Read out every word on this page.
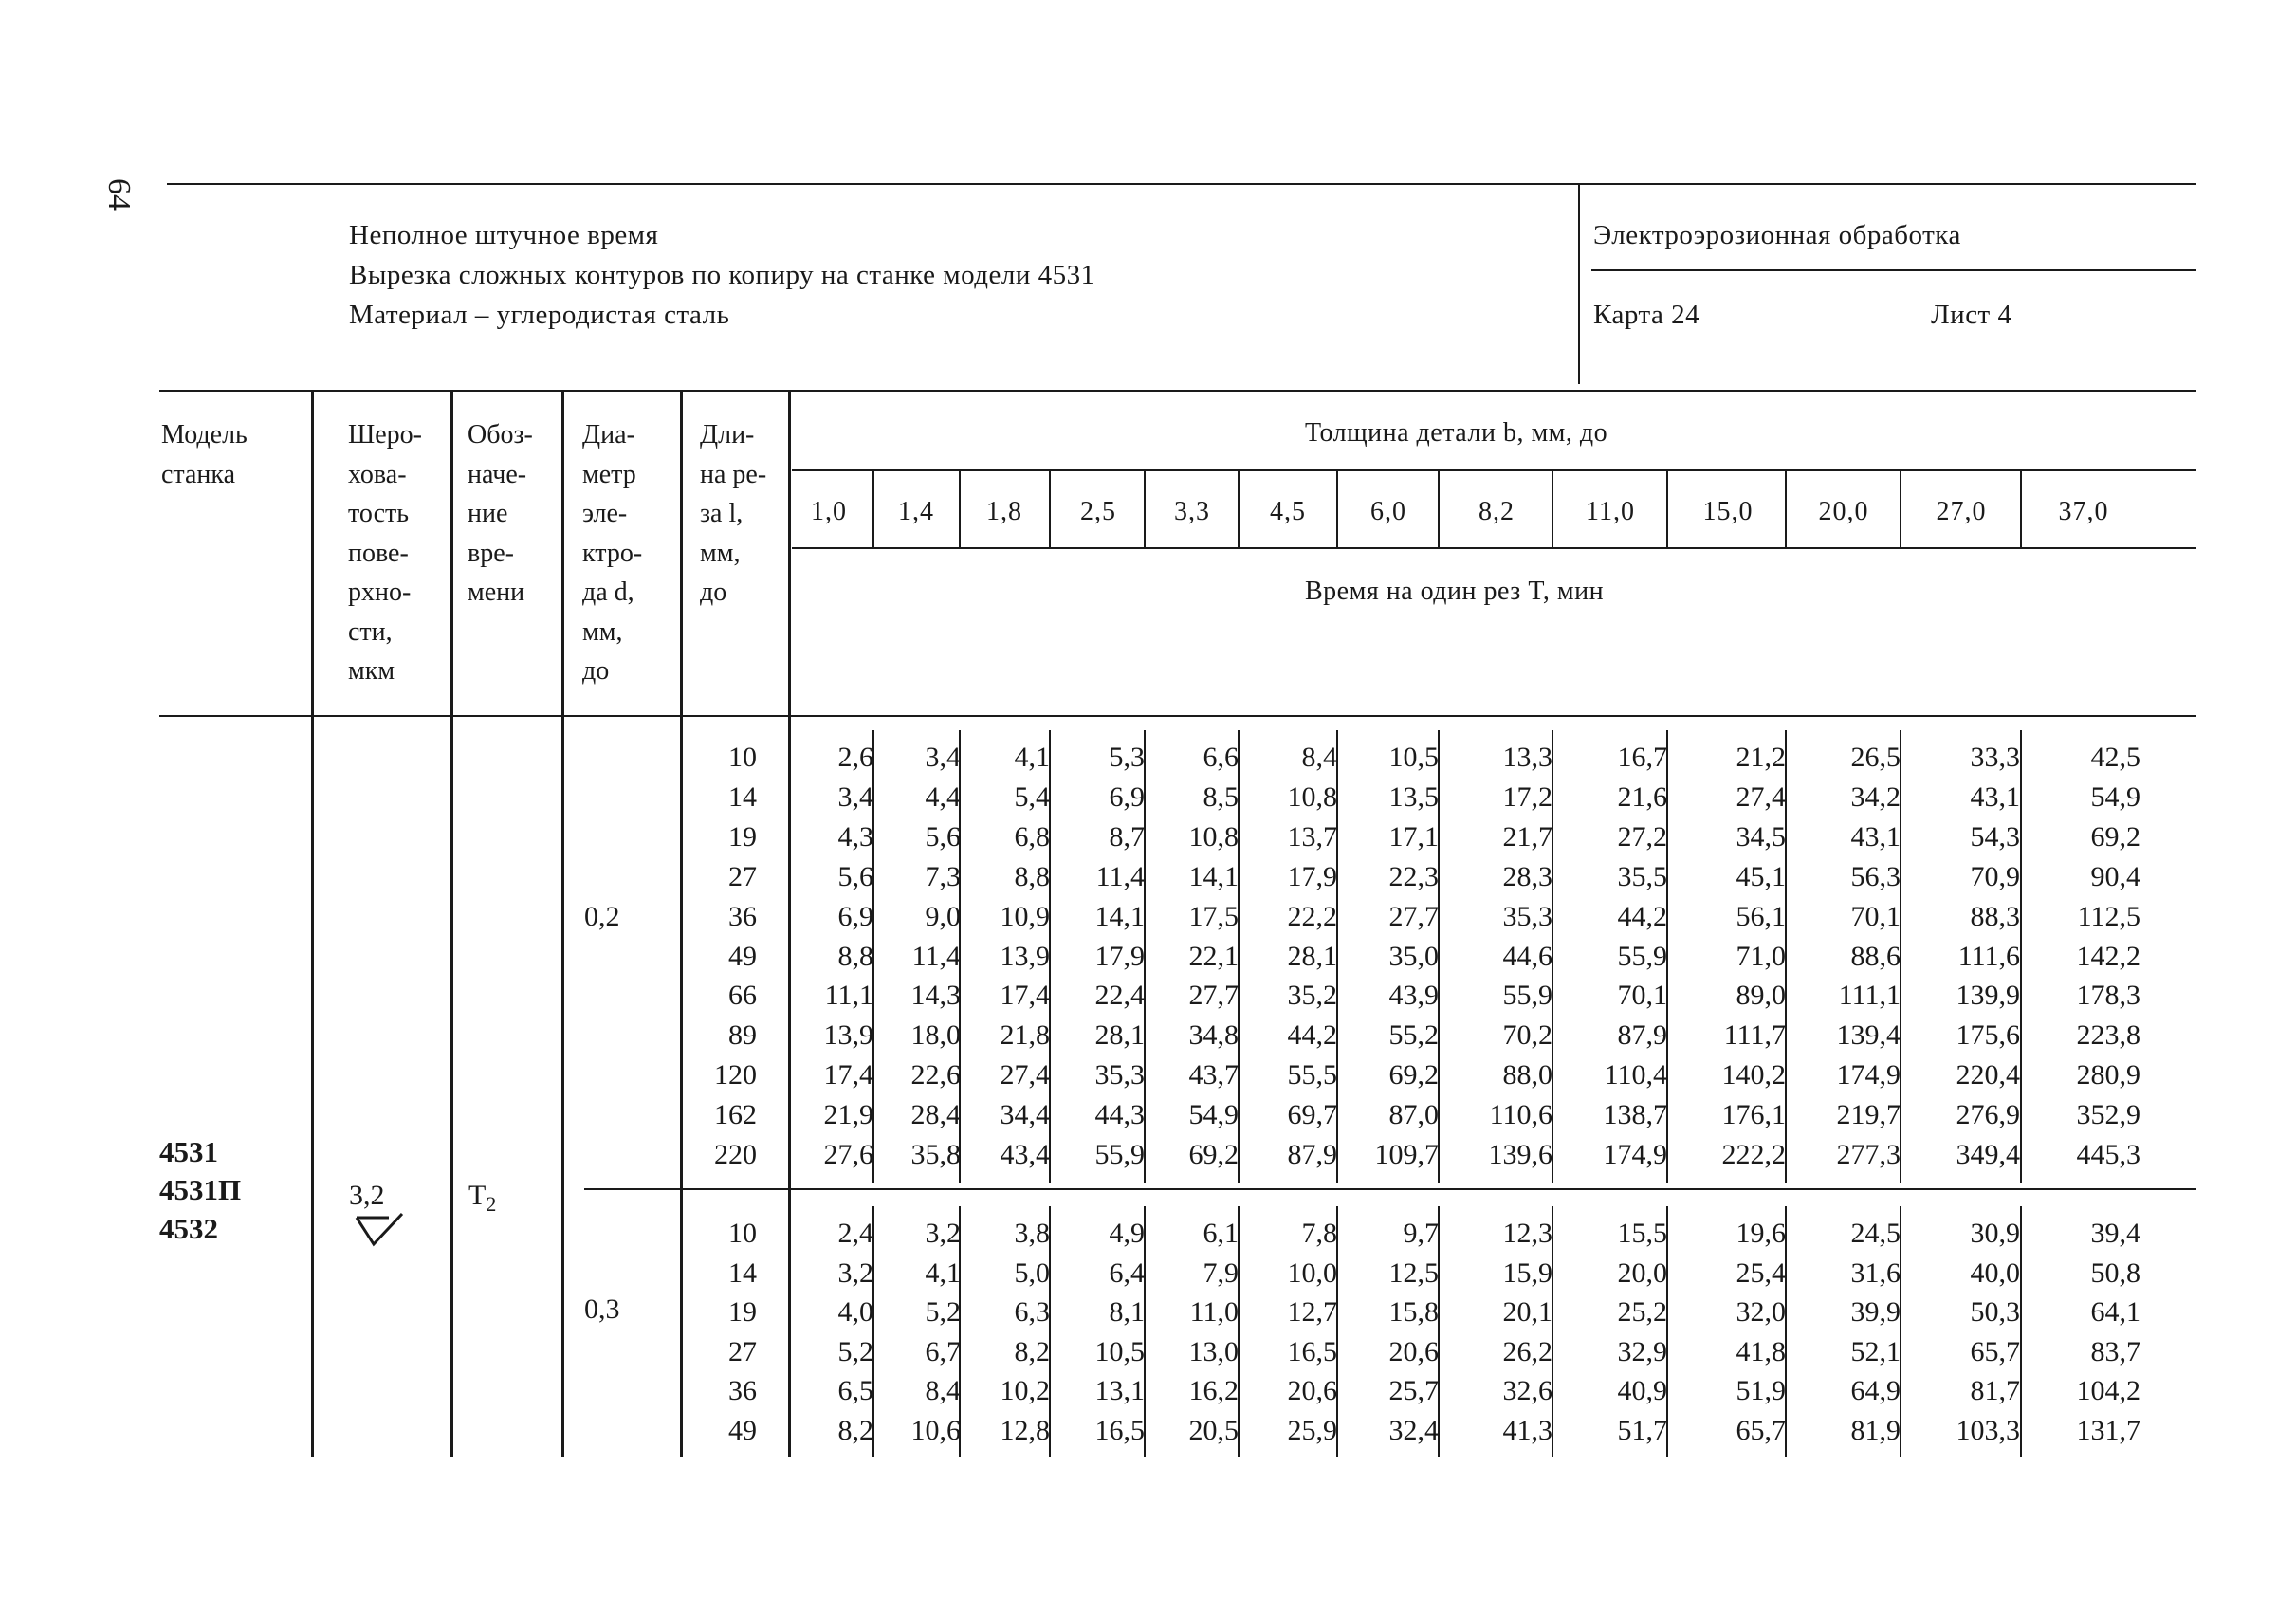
64
Неполное штучное время
Вырезка сложных контуров по копиру на станке модели 4531
Материал – углеродистая сталь
Электроэрозионная обработка
Карта 24	Лист 4
Модель
станка
Шеро-
хова-
тость
пове-
рхно-
сти,
мкм
Обоз-
наче-
ние
вре-
мени
Диа-
метр
эле-
ктро-
да d,
мм,
до
Дли-
на ре-
за l,
мм,
до
Толщина детали b, мм, до
Время на один рез T, мин
1,0	1,4	1,8	2,5	3,3	4,5	6,0	8,2	11,0	15,0	20,0	27,0	37,0
4531
4531П
4532
3,2	$T_2$
0,2
0,3
10	2,6	3,4	4,1	5,3	6,6	8,4	10,5	13,3	16,7	21,2	26,5	33,3	42,5
14	3,4	4,4	5,4	6,9	8,5	10,8	13,5	17,2	21,6	27,4	34,2	43,1	54,9
19	4,3	5,6	6,8	8,7	10,8	13,7	17,1	21,7	27,2	34,5	43,1	54,3	69,2
27	5,6	7,3	8,8	11,4	14,1	17,9	22,3	28,3	35,5	45,1	56,3	70,9	90,4
36	6,9	9,0	10,9	14,1	17,5	22,2	27,7	35,3	44,2	56,1	70,1	88,3	112,5
49	8,8	11,4	13,9	17,9	22,1	28,1	35,0	44,6	55,9	71,0	88,6	111,6	142,2
66	11,1	14,3	17,4	22,4	27,7	35,2	43,9	55,9	70,1	89,0	111,1	139,9	178,3
89	13,9	18,0	21,8	28,1	34,8	44,2	55,2	70,2	87,9	111,7	139,4	175,6	223,8
120	17,4	22,6	27,4	35,3	43,7	55,5	69,2	88,0	110,4	140,2	174,9	220,4	280,9
162	21,9	28,4	34,4	44,3	54,9	69,7	87,0	110,6	138,7	176,1	219,7	276,9	352,9
220	27,6	35,8	43,4	55,9	69,2	87,9	109,7	139,6	174,9	222,2	277,3	349,4	445,3
10	2,4	3,2	3,8	4,9	6,1	7,8	9,7	12,3	15,5	19,6	24,5	30,9	39,4
14	3,2	4,1	5,0	6,4	7,9	10,0	12,5	15,9	20,0	25,4	31,6	40,0	50,8
19	4,0	5,2	6,3	8,1	11,0	12,7	15,8	20,1	25,2	32,0	39,9	50,3	64,1
27	5,2	6,7	8,2	10,5	13,0	16,5	20,6	26,2	32,9	41,8	52,1	65,7	83,7
36	6,5	8,4	10,2	13,1	16,2	20,6	25,7	32,6	40,9	51,9	64,9	81,7	104,2
49	8,2	10,6	12,8	16,5	20,5	25,9	32,4	41,3	51,7	65,7	81,9	103,3	131,7
